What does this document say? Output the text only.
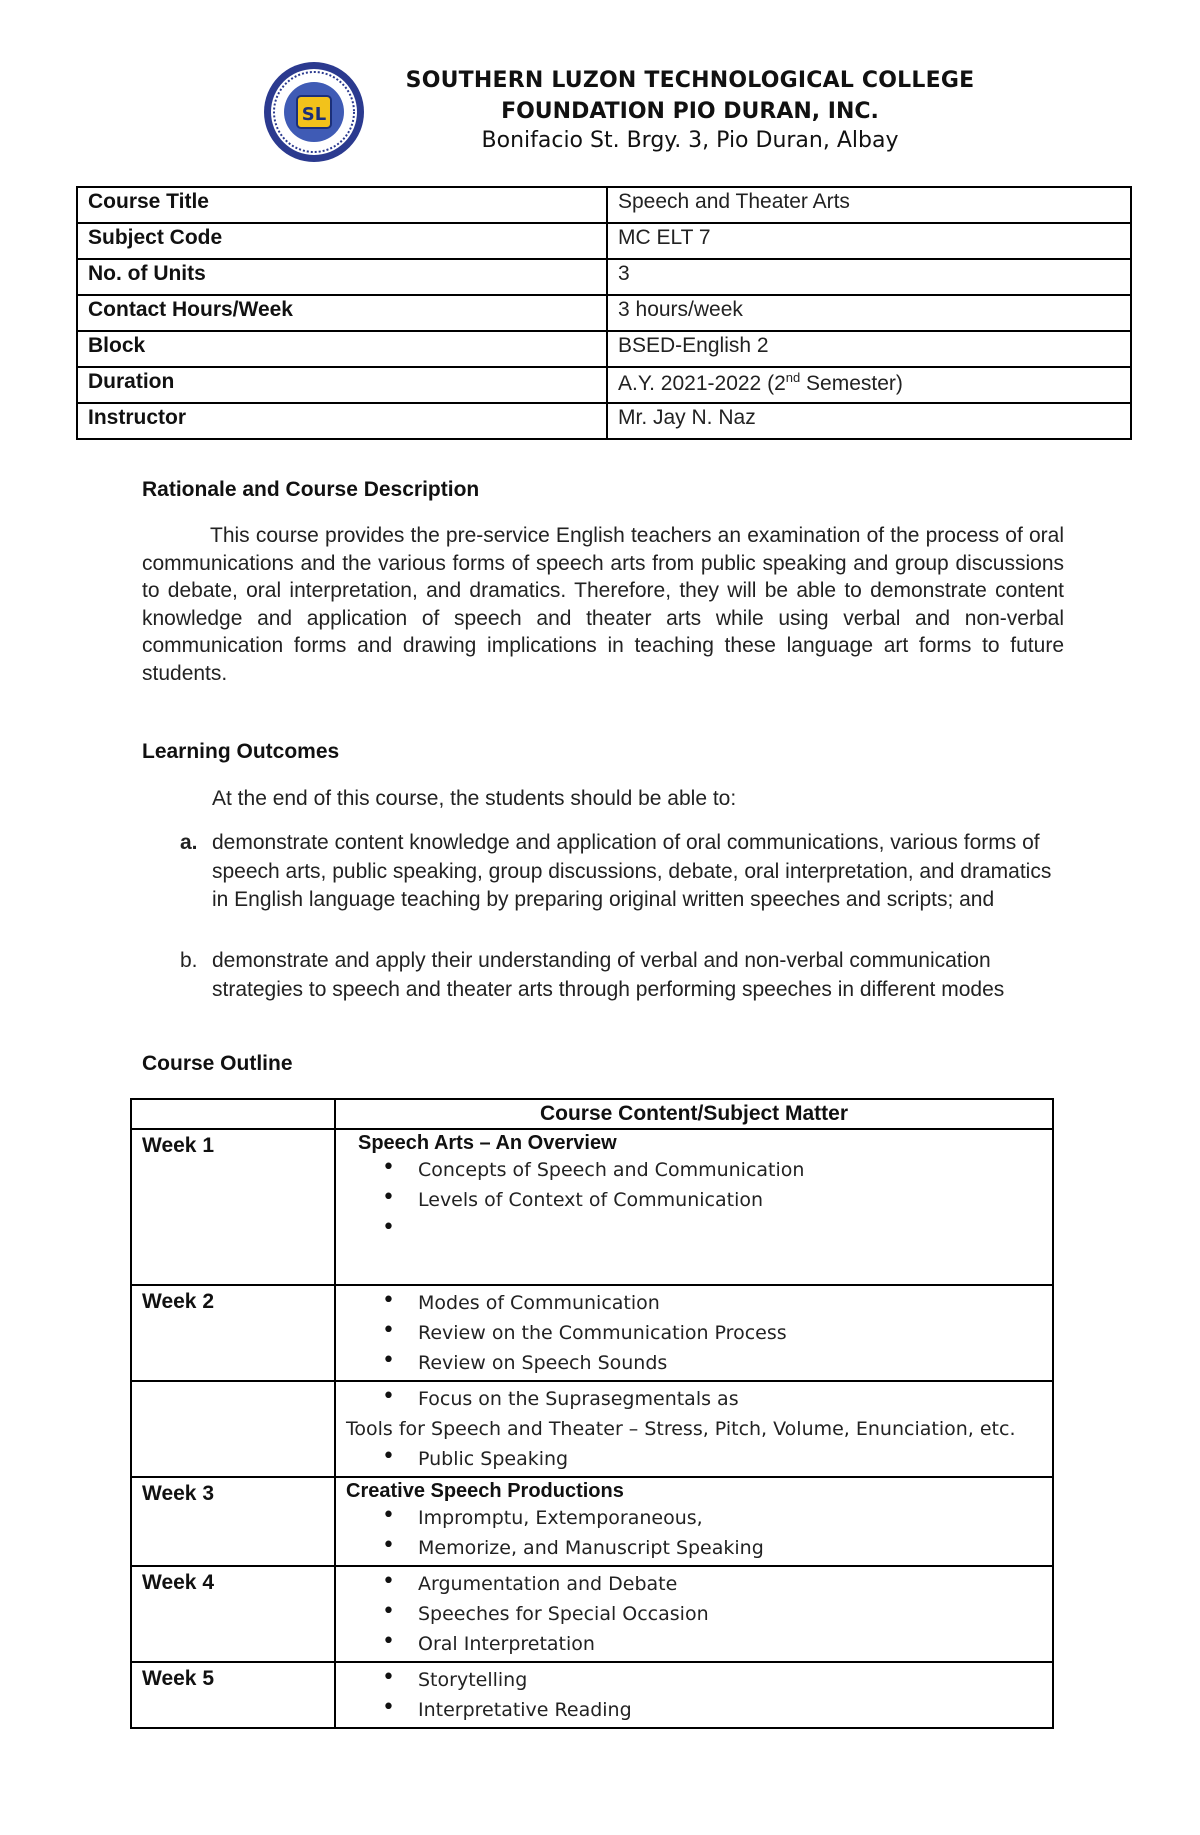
SL
SOUTHERN LUZON TECHNOLOGICAL COLLEGE
FOUNDATION PIO DURAN, INC.
Bonifacio St. Brgy. 3, Pio Duran, Albay
Course Title	Speech and Theater Arts
Subject Code	MC ELT 7
No. of Units	3
Contact Hours/Week	3 hours/week
Block	BSED-English 2
Duration	A.Y. 2021-2022 (2nd Semester)
Instructor	Mr. Jay N. Naz
Rationale and Course Description
This course provides the pre-service English teachers an examination of the process of oral communications and the various forms of speech arts from public speaking and group discussions to debate, oral interpretation, and dramatics. Therefore, they will be able to demonstrate content knowledge and application of speech and theater arts while using verbal and non-verbal communication forms and drawing implications in teaching these language art forms to future students.
Learning Outcomes
At the end of this course, the students should be able to:
a. demonstrate content knowledge and application of oral communications, various forms of speech arts, public speaking, group discussions, debate, oral interpretation, and dramatics in English language teaching by preparing original written speeches and scripts; and
b. demonstrate and apply their understanding of verbal and non-verbal communication strategies to speech and theater arts through performing speeches in different modes
Course Outline
	Course Content/Subject Matter
Week 1	Speech Arts – An Overview
• Concepts of Speech and Communication
• Levels of Context of Communication
•

Week 2	• Modes of Communication
• Review on the Communication Process
• Review on Speech Sounds

	• Focus on the Suprasegmentals as
Tools for Speech and Theater – Stress, Pitch, Volume, Enunciation, etc.
• Public Speaking

Week 3	Creative Speech Productions
• Impromptu, Extemporaneous,
• Memorize, and Manuscript Speaking

Week 4	• Argumentation and Debate
• Speeches for Special Occasion
• Oral Interpretation

Week 5	• Storytelling
• Interpretative Reading
